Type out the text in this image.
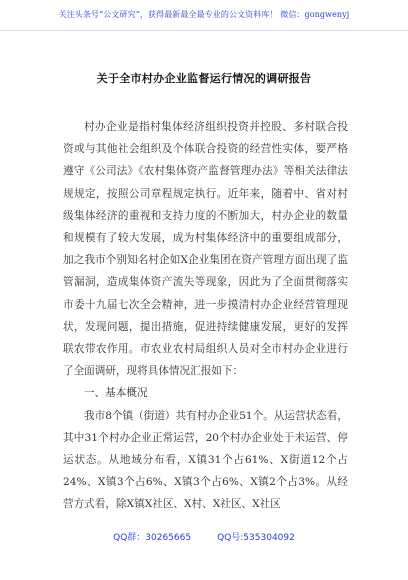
关注头条号“公文研究”，获得最新最全最专业的公文资料库！ 微信：gongwenyj
关于全市村办企业监督运行情况的调研报告

村办企业是指村集体经济组织投资并控股、多村联合投资或与其他社会组织及个体联合投资的经营性实体，要严格遵守《公司法》《农村集体资产监督管理办法》等相关法律法规规定，按照公司章程规定执行。近年来，随着中、省对村级集体经济的重视和支持力度的不断加大，村办企业的数量和规模有了较大发展，成为村集体经济中的重要组成部分，加之我市个别知名村企如X企业集团在资产管理方面出现了监管漏洞，造成集体资产流失等现象，因此为了全面贯彻落实市委十九届七次全会精神，进一步摸清村办企业经营管理现状，发现问题，提出措施，促进持续健康发展，更好的发挥联农带农作用。市农业农村局组织人员对全市村办企业进行了全面调研，现将具体情况汇报如下：

一、基本概况

我市8个镇（街道）共有村办企业51个。从运营状态看，其中31个村办企业正常运营，20个村办企业处于未运营、停运状态。从地域分布看，X镇31个占61%、X街道12个占24%、X镇3个占6%、X镇3个占6%、X镇2个占3%。从经营方式看，除X镇X社区、X村、X社区、X社区

QQ群：30265665	QQ号:535304092
